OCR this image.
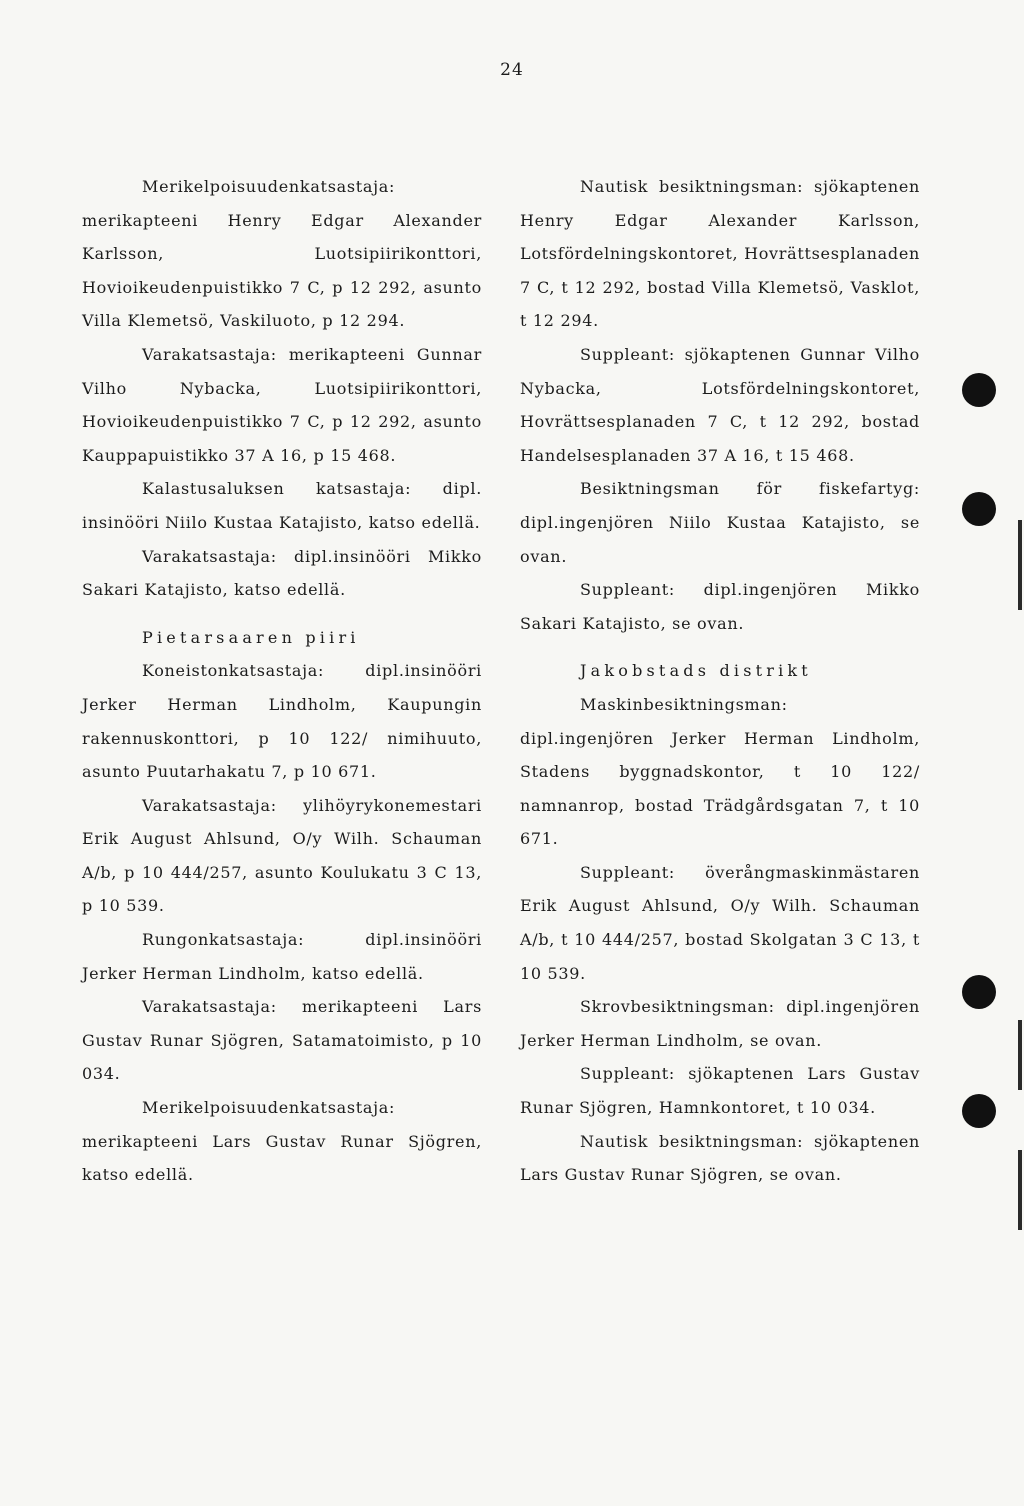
24

Merikelpoisuudenkatsastaja: merikapteeni Henry Edgar Alexander Karlsson, Luotsipiirikonttori, Hovioikeudenpuistikko 7 C, p 12 292, asunto Villa Klemetsö, Vaskiluoto, p 12 294.

Varakatsastaja: merikapteeni Gunnar Vilho Nybacka, Luotsipiirikonttori, Hovioikeudenpuistikko 7 C, p 12 292, asunto Kauppapuistikko 37 A 16, p 15 468.

Kalastusaluksen katsastaja: dipl. insinööri Niilo Kustaa Katajisto, katso edellä.

Varakatsastaja: dipl.insinööri Mikko Sakari Katajisto, katso edellä.

Pietarsaaren piiri

Koneistonkatsastaja: dipl.insinööri Jerker Herman Lindholm, Kaupungin rakennuskonttori, p 10 122/ nimihuuto, asunto Puutarhakatu 7, p 10 671.

Varakatsastaja: ylihöyrykonemestari Erik August Ahlsund, O/y Wilh. Schauman A/b, p 10 444/257, asunto Koulukatu 3 C 13, p 10 539.

Rungonkatsastaja: dipl.insinööri Jerker Herman Lindholm, katso edellä.

Varakatsastaja: merikapteeni Lars Gustav Runar Sjögren, Satamatoimisto, p 10 034.

Merikelpoisuudenkatsastaja: merikapteeni Lars Gustav Runar Sjögren, katso edellä.

Nautisk besiktningsman: sjökaptenen Henry Edgar Alexander Karlsson, Lotsfördelningskontoret, Hovrättsesplanaden 7 C, t 12 292, bostad Villa Klemetsö, Vasklot, t 12 294.

Suppleant: sjökaptenen Gunnar Vilho Nybacka, Lotsfördelningskontoret, Hovrättsesplanaden 7 C, t 12 292, bostad Handelsesplanaden 37 A 16, t 15 468.

Besiktningsman för fiskefartyg: dipl.ingenjören Niilo Kustaa Katajisto, se ovan.

Suppleant: dipl.ingenjören Mikko Sakari Katajisto, se ovan.

Jakobstads distrikt

Maskinbesiktningsman: dipl.ingenjören Jerker Herman Lindholm, Stadens byggnadskontor, t 10 122/ namnanrop, bostad Trädgårdsgatan 7, t 10 671.

Suppleant: överångmaskinmästaren Erik August Ahlsund, O/y Wilh. Schauman A/b, t 10 444/257, bostad Skolgatan 3 C 13, t 10 539.

Skrovbesiktningsman: dipl.ingenjören Jerker Herman Lindholm, se ovan.

Suppleant: sjökaptenen Lars Gustav Runar Sjögren, Hamnkontoret, t 10 034.

Nautisk besiktningsman: sjökaptenen Lars Gustav Runar Sjögren, se ovan.
